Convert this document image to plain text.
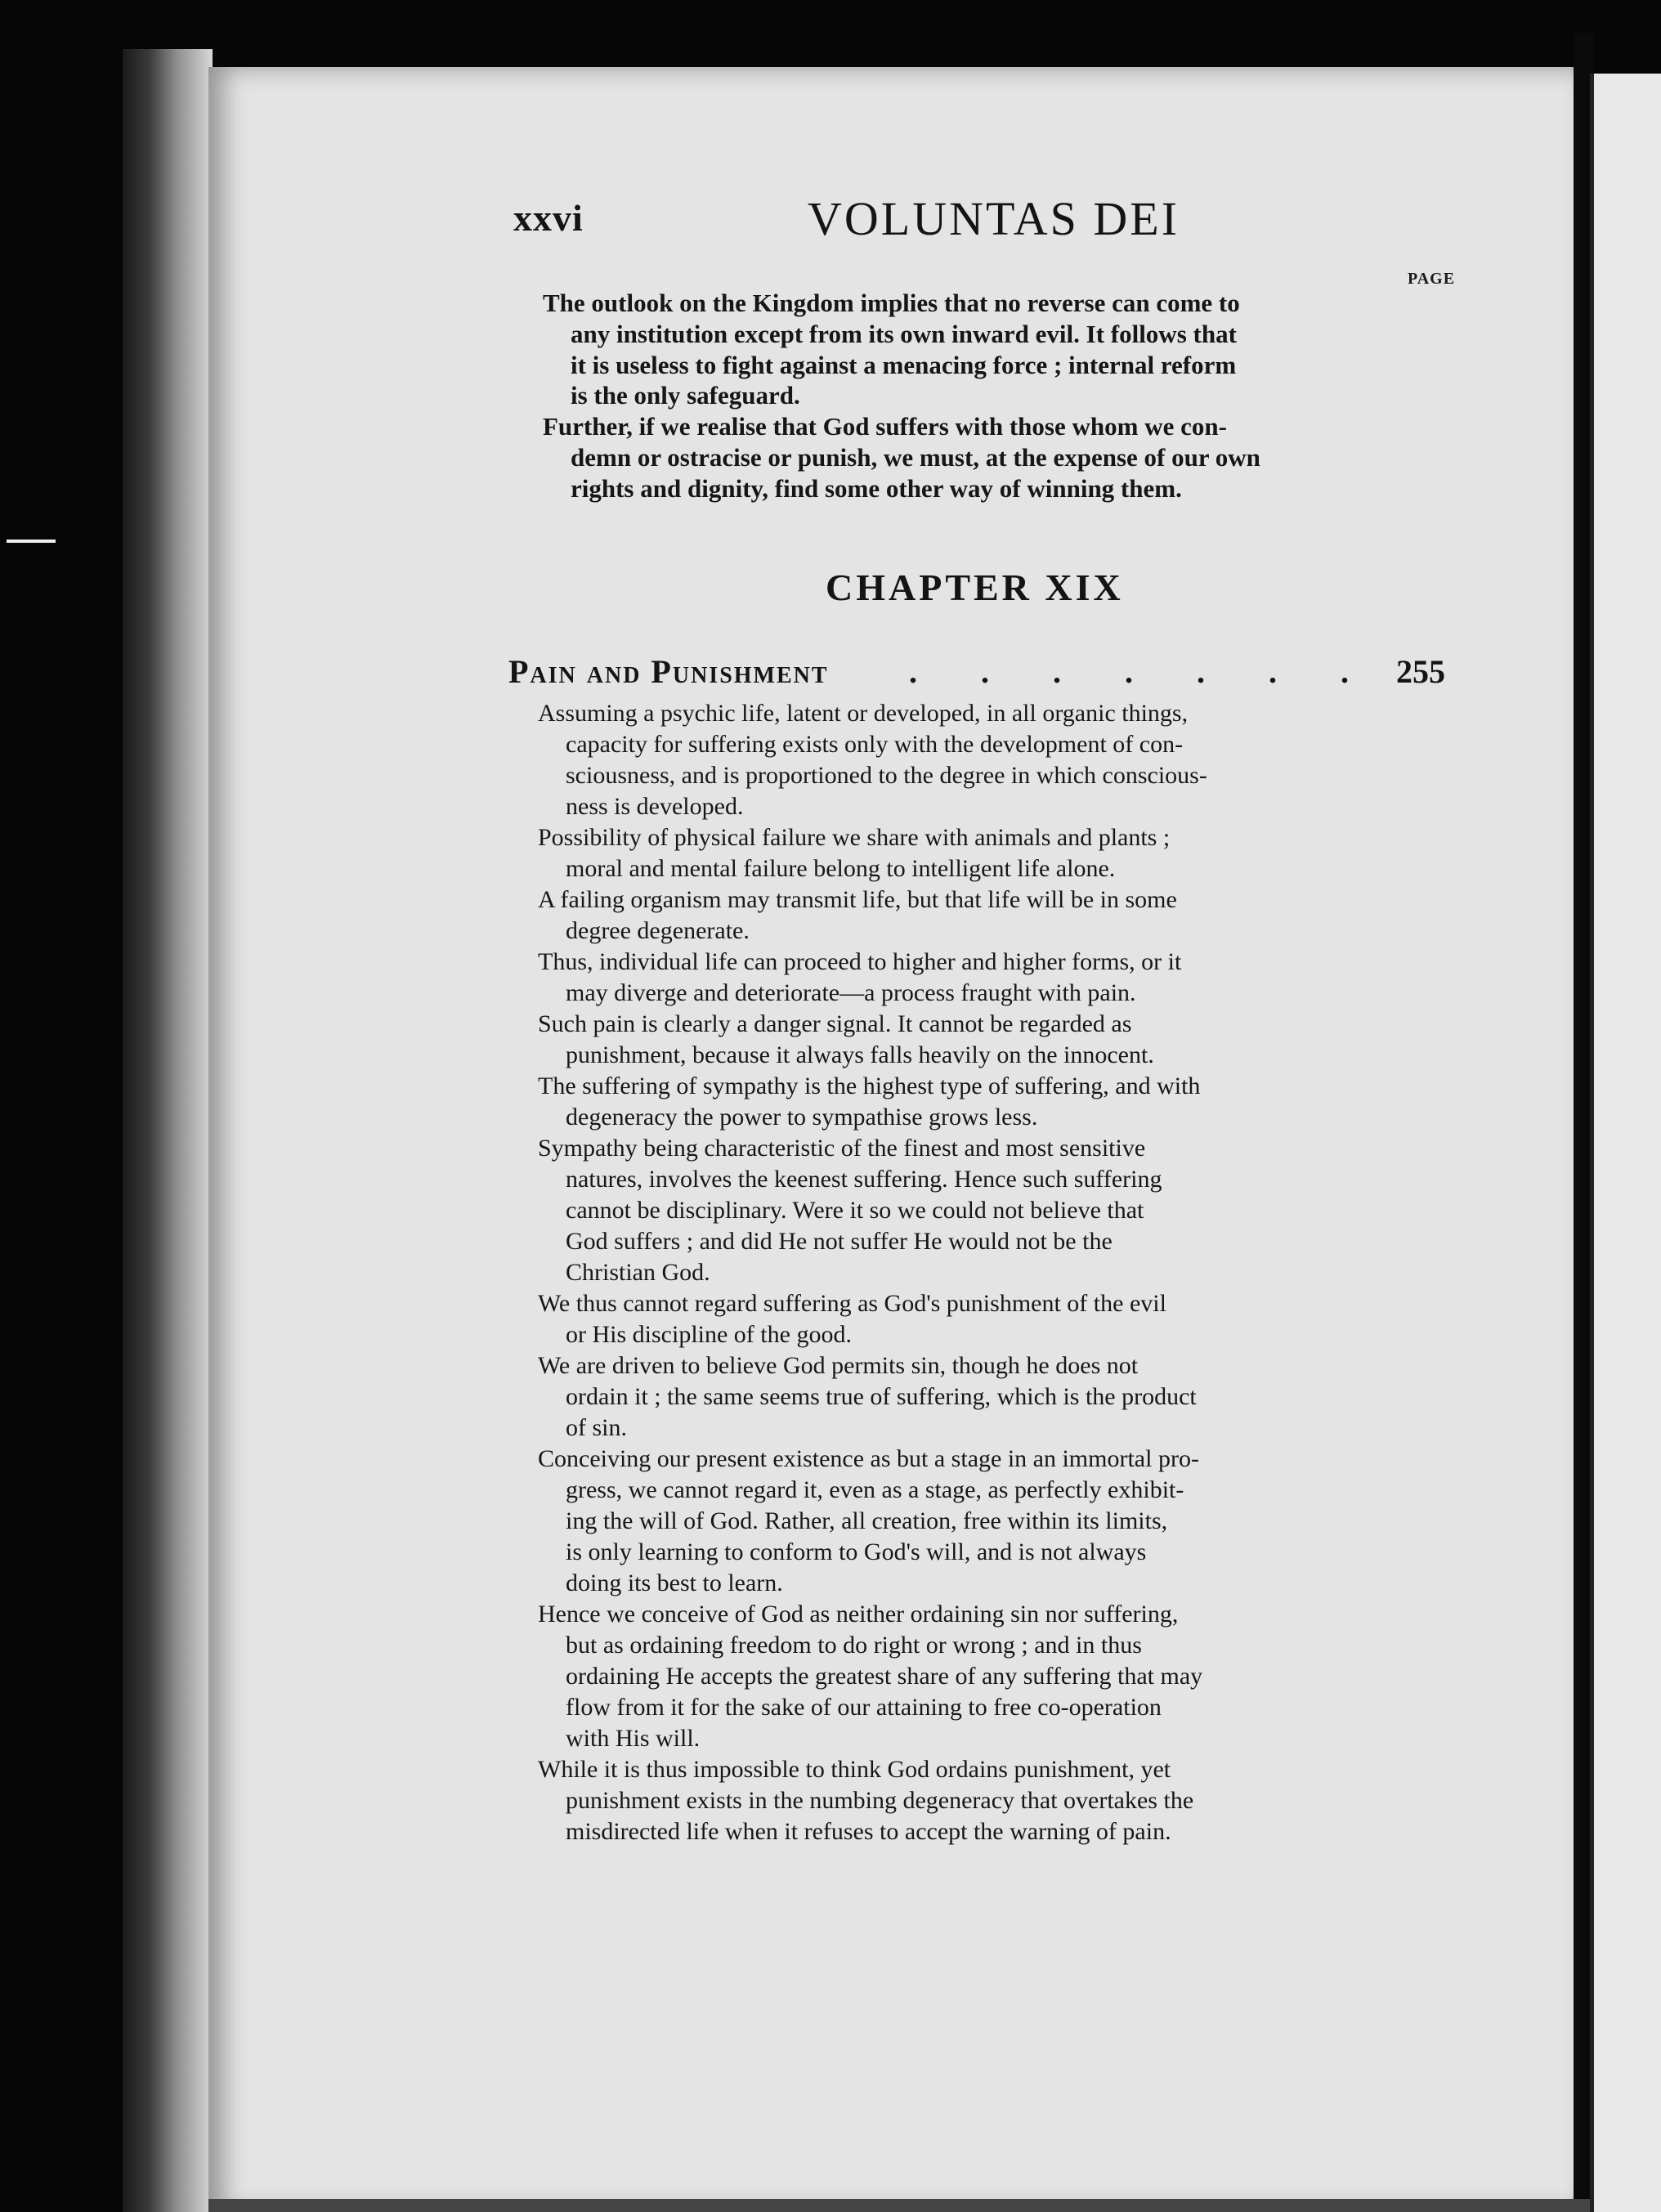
xxvi	VOLUNTAS DEI
PAGE

The outlook on the Kingdom implies that no reverse can come to
any institution except from its own inward evil. It follows that
it is useless to fight against a menacing force ; internal reform
is the only safeguard.

Further, if we realise that God suffers with those whom we con-
demn or ostracise or punish, we must, at the expense of our own
rights and dignity, find some other way of winning them.

CHAPTER XIX
Pain and Punishment . . . . . . . 255

Assuming a psychic life, latent or developed, in all organic things,
capacity for suffering exists only with the development of con-
sciousness, and is proportioned to the degree in which conscious-
ness is developed.

Possibility of physical failure we share with animals and plants ;
moral and mental failure belong to intelligent life alone.

A failing organism may transmit life, but that life will be in some
degree degenerate.

Thus, individual life can proceed to higher and higher forms, or it
may diverge and deteriorate—a process fraught with pain.

Such pain is clearly a danger signal. It cannot be regarded as
punishment, because it always falls heavily on the innocent.

The suffering of sympathy is the highest type of suffering, and with
degeneracy the power to sympathise grows less.

Sympathy being characteristic of the finest and most sensitive
natures, involves the keenest suffering. Hence such suffering
cannot be disciplinary. Were it so we could not believe that
God suffers ; and did He not suffer He would not be the
Christian God.

We thus cannot regard suffering as God's punishment of the evil
or His discipline of the good.

We are driven to believe God permits sin, though he does not
ordain it ; the same seems true of suffering, which is the product
of sin.

Conceiving our present existence as but a stage in an immortal pro-
gress, we cannot regard it, even as a stage, as perfectly exhibit-
ing the will of God. Rather, all creation, free within its limits,
is only learning to conform to God's will, and is not always
doing its best to learn.

Hence we conceive of God as neither ordaining sin nor suffering,
but as ordaining freedom to do right or wrong ; and in thus
ordaining He accepts the greatest share of any suffering that may
flow from it for the sake of our attaining to free co-operation
with His will.

While it is thus impossible to think God ordains punishment, yet
punishment exists in the numbing degeneracy that overtakes the
misdirected life when it refuses to accept the warning of pain.
